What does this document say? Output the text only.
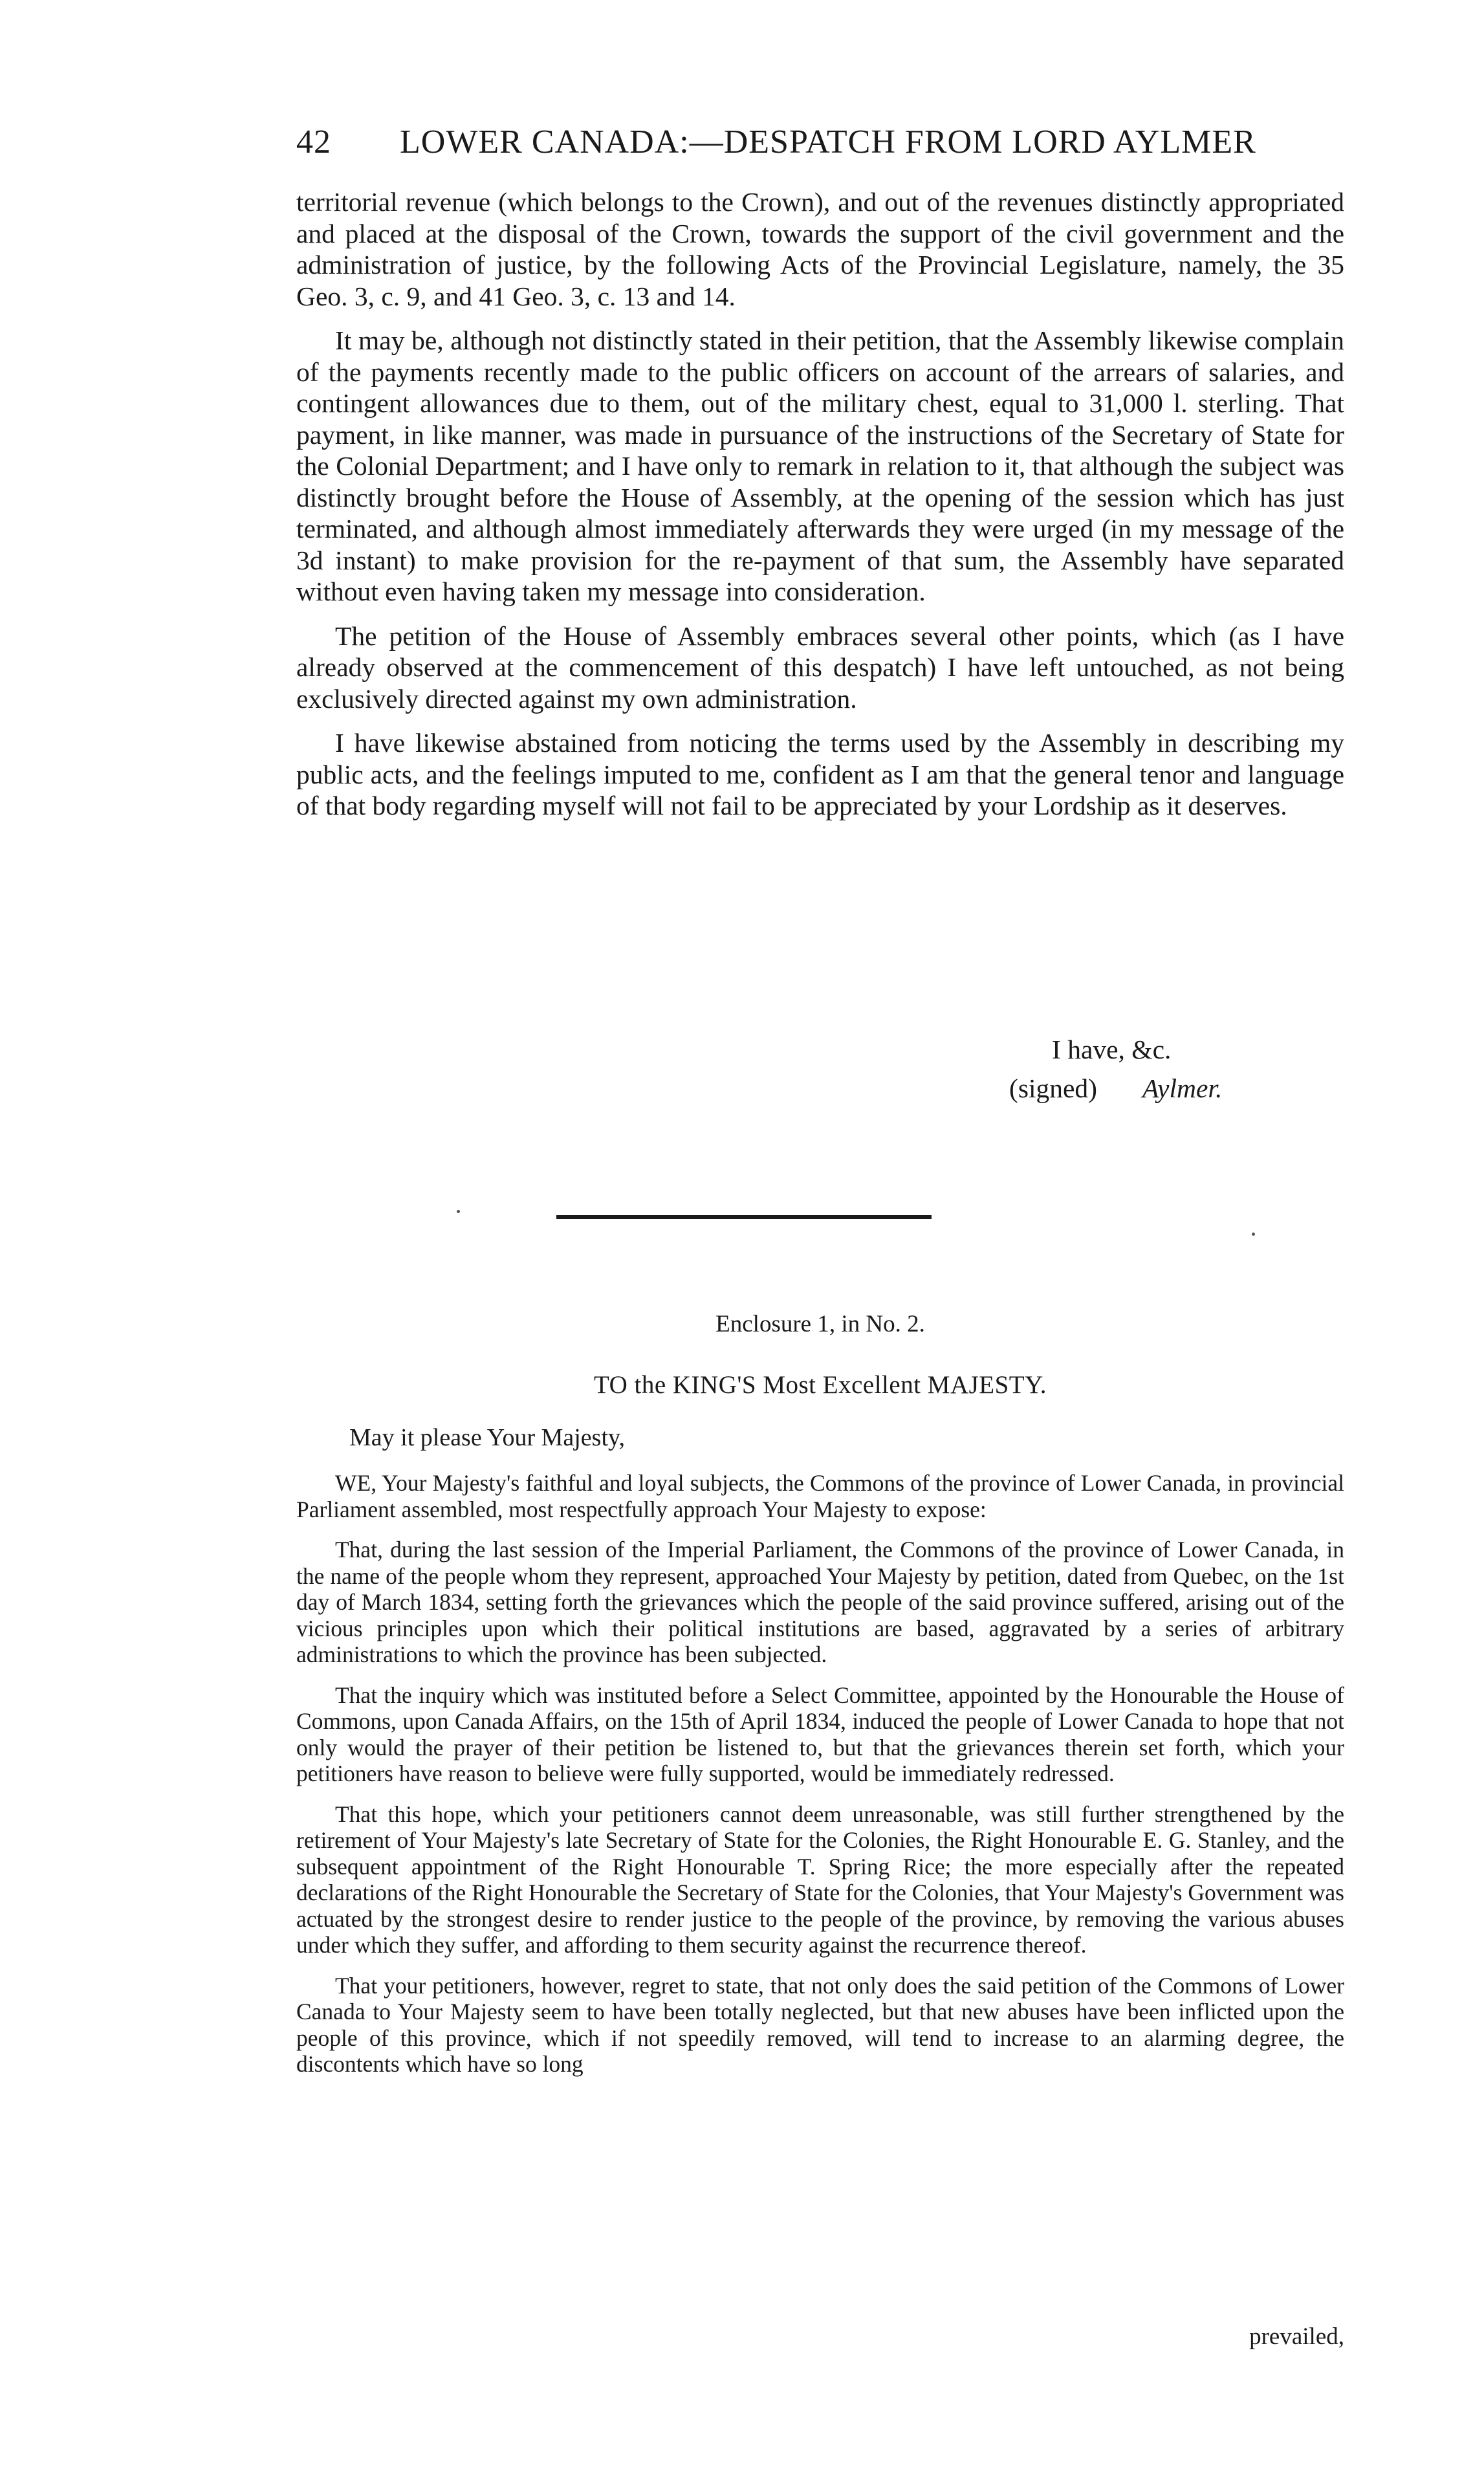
42 LOWER CANADA:—DESPATCH FROM LORD AYLMER

territorial revenue (which belongs to the Crown), and out of the revenues distinctly appropriated and placed at the disposal of the Crown, towards the support of the civil government and the administration of justice, by the following Acts of the Provincial Legislature, namely, the 35 Geo. 3, c. 9, and 41 Geo. 3, c. 13 and 14.

It may be, although not distinctly stated in their petition, that the Assembly likewise complain of the payments recently made to the public officers on account of the arrears of salaries, and contingent allowances due to them, out of the military chest, equal to 31,000 l. sterling. That payment, in like manner, was made in pursuance of the instructions of the Secretary of State for the Colonial Department; and I have only to remark in relation to it, that although the subject was distinctly brought before the House of Assembly, at the opening of the session which has just terminated, and although almost immediately afterwards they were urged (in my message of the 3d instant) to make provision for the re-payment of that sum, the Assembly have separated without even having taken my message into consideration.

The petition of the House of Assembly embraces several other points, which (as I have already observed at the commencement of this despatch) I have left untouched, as not being exclusively directed against my own administration.

I have likewise abstained from noticing the terms used by the Assembly in describing my public acts, and the feelings imputed to me, confident as I am that the general tenor and language of that body regarding myself will not fail to be appreciated by your Lordship as it deserves.

I have, &c.
(signed) Aylmer.
Enclosure 1, in No. 2.
TO the KING'S Most Excellent MAJESTY.
May it please Your Majesty,

WE, Your Majesty's faithful and loyal subjects, the Commons of the province of Lower Canada, in provincial Parliament assembled, most respectfully approach Your Majesty to expose:

That, during the last session of the Imperial Parliament, the Commons of the province of Lower Canada, in the name of the people whom they represent, approached Your Majesty by petition, dated from Quebec, on the 1st day of March 1834, setting forth the grievances which the people of the said province suffered, arising out of the vicious principles upon which their political institutions are based, aggravated by a series of arbitrary administrations to which the province has been subjected.

That the inquiry which was instituted before a Select Committee, appointed by the Honourable the House of Commons, upon Canada Affairs, on the 15th of April 1834, induced the people of Lower Canada to hope that not only would the prayer of their petition be listened to, but that the grievances therein set forth, which your petitioners have reason to believe were fully supported, would be immediately redressed.

That this hope, which your petitioners cannot deem unreasonable, was still further strengthened by the retirement of Your Majesty's late Secretary of State for the Colonies, the Right Honourable E. G. Stanley, and the subsequent appointment of the Right Honourable T. Spring Rice; the more especially after the repeated declarations of the Right Honourable the Secretary of State for the Colonies, that Your Majesty's Government was actuated by the strongest desire to render justice to the people of the province, by removing the various abuses under which they suffer, and affording to them security against the recurrence thereof.

That your petitioners, however, regret to state, that not only does the said petition of the Commons of Lower Canada to Your Majesty seem to have been totally neglected, but that new abuses have been inflicted upon the people of this province, which if not speedily removed, will tend to increase to an alarming degree, the discontents which have so long

prevailed,
